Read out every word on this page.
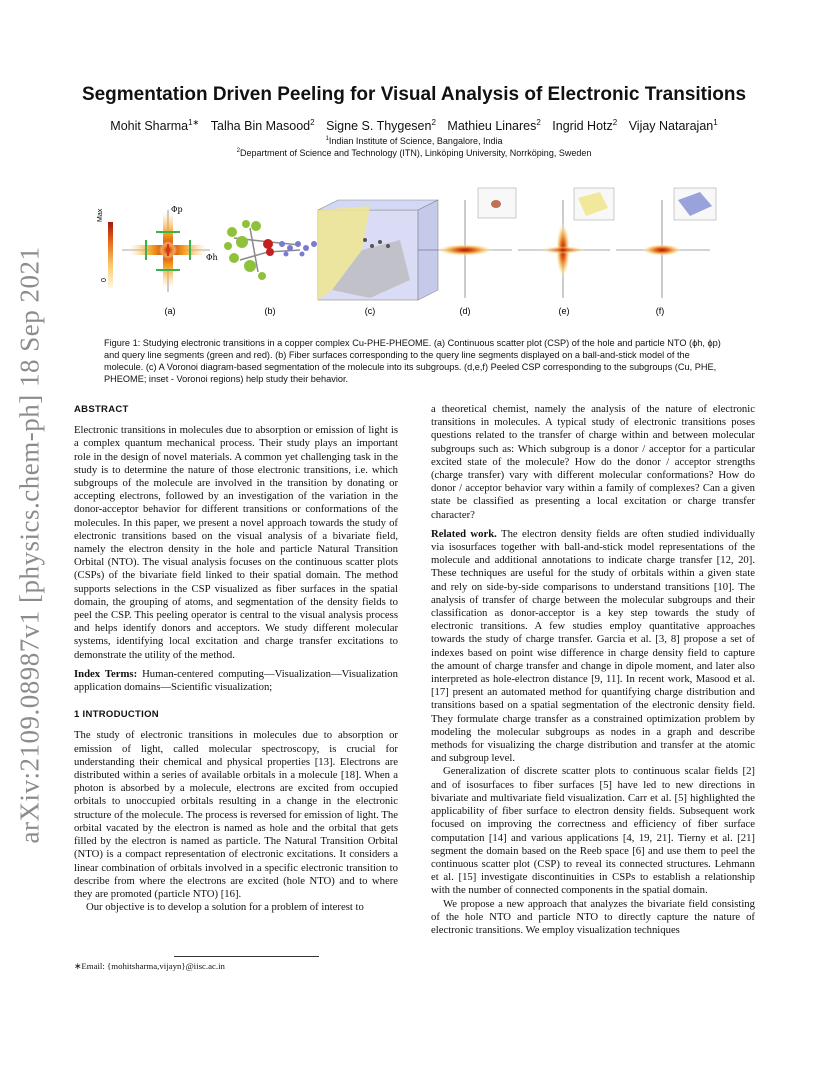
arXiv:2109.08987v1 [physics.chem-ph] 18 Sep 2021
Segmentation Driven Peeling for Visual Analysis of Electronic Transitions
Mohit Sharma$^{1∗}$ Talha Bin Masood$^2$ Signe S. Thygesen$^2$ Mathieu Linares$^2$ Ingrid Hotz$^2$ Vijay Natarajan$^1$
$^1$Indian Institute of Science, Bangalore, India
$^2$Department of Science and Technology (ITN), Linköping University, Norrköping, Sweden
Max
0
Φp
Φh
(a)	(b)	(c)	(d)	(e)	(f)
Figure 1: Studying electronic transitions in a copper complex Cu-PHE-PHEOME. (a) Continuous scatter plot (CSP) of the hole and particle NTO (ϕh, ϕp) and query line segments (green and red). (b) Fiber surfaces corresponding to the query line segments displayed on a ball-and-stick model of the molecule. (c) A Voronoi diagram-based segmentation of the molecule into its subgroups. (d,e,f) Peeled CSP corresponding to the subgroups (Cu, PHE, PHEOME; inset - Voronoi regions) help study their behavior.
ABSTRACT

Electronic transitions in molecules due to absorption or emission of light is a complex quantum mechanical process. Their study plays an important role in the design of novel materials. A common yet challenging task in the study is to determine the nature of those electronic transitions, i.e. which subgroups of the molecule are involved in the transition by donating or accepting electrons, followed by an investigation of the variation in the donor-acceptor behavior for different transitions or conformations of the molecules. In this paper, we present a novel approach towards the study of electronic transitions based on the visual analysis of a bivariate field, namely the electron density in the hole and particle Natural Transition Orbital (NTO). The visual analysis focuses on the continuous scatter plots (CSPs) of the bivariate field linked to their spatial domain. The method supports selections in the CSP visualized as fiber surfaces in the spatial domain, the grouping of atoms, and segmentation of the density fields to peel the CSP. This peeling operator is central to the visual analysis process and helps identify donors and acceptors. We study different molecular systems, identifying local excitation and charge transfer excitations to demonstrate the utility of the method.

Index Terms: Human-centered computing—Visualization—Visualization application domains—Scientific visualization;

1 INTRODUCTION

The study of electronic transitions in molecules due to absorption or emission of light, called molecular spectroscopy, is crucial for understanding their chemical and physical properties [13]. Electrons are distributed within a series of available orbitals in a molecule [18]. When a photon is absorbed by a molecule, electrons are excited from occupied orbitals to unoccupied orbitals resulting in a change in the electronic structure of the molecule. The process is reversed for emission of light. The orbital vacated by the electron is named as hole and the orbital that gets filled by the electron is named as particle. The Natural Transition Orbital (NTO) is a compact representation of electronic excitations. It considers a linear combination of orbitals involved in a specific electronic transition to describe from where the electrons are excited (hole NTO) and to where they are promoted (particle NTO) [16].

Our objective is to develop a solution for a problem of interest to

∗Email: {mohitsharma,vijayn}@iisc.ac.in

a theoretical chemist, namely the analysis of the nature of electronic transitions in molecules. A typical study of electronic transitions poses questions related to the transfer of charge within and between molecular subgroups such as: Which subgroup is a donor / acceptor for a particular excited state of the molecule? How do the donor / acceptor strengths (charge transfer) vary with different molecular conformations? How do donor / acceptor behavior vary within a family of complexes? Can a given state be classified as presenting a local excitation or charge transfer character?

Related work. The electron density fields are often studied individually via isosurfaces together with ball-and-stick model representations of the molecule and additional annotations to indicate charge transfer [12, 20]. These techniques are useful for the study of orbitals within a given state and rely on side-by-side comparisons to understand transitions [10]. The analysis of transfer of charge between the molecular subgroups and their classification as donor-acceptor is a key step towards the study of electronic transitions. A few studies employ quantitative approaches towards the study of charge transfer. Garcia et al. [3, 8] propose a set of indexes based on point wise difference in charge density field to capture the amount of charge transfer and change in dipole moment, and later also interpreted as hole-electron distance [9, 11]. In recent work, Masood et al. [17] present an automated method for quantifying charge distribution and transitions based on a spatial segmentation of the electronic density field. They formulate charge transfer as a constrained optimization problem by modeling the molecular subgroups as nodes in a graph and describe methods for visualizing the charge distribution and transfer at the atomic and subgroup level.

Generalization of discrete scatter plots to continuous scalar fields [2] and of isosurfaces to fiber surfaces [5] have led to new directions in bivariate and multivariate field visualization. Carr et al. [5] highlighted the applicability of fiber surface to electron density fields. Subsequent work focused on improving the correctness and efficiency of fiber surface computation [14] and various applications [4, 19, 21]. Tierny et al. [21] segment the domain based on the Reeb space [6] and use them to peel the continuous scatter plot (CSP) to reveal its connected structures. Lehmann et al. [15] investigate discontinuities in CSPs to establish a relationship with the number of connected components in the spatial domain.

We propose a new approach that analyzes the bivariate field consisting of the hole NTO and particle NTO to directly capture the nature of electronic transitions. We employ visualization techniques
